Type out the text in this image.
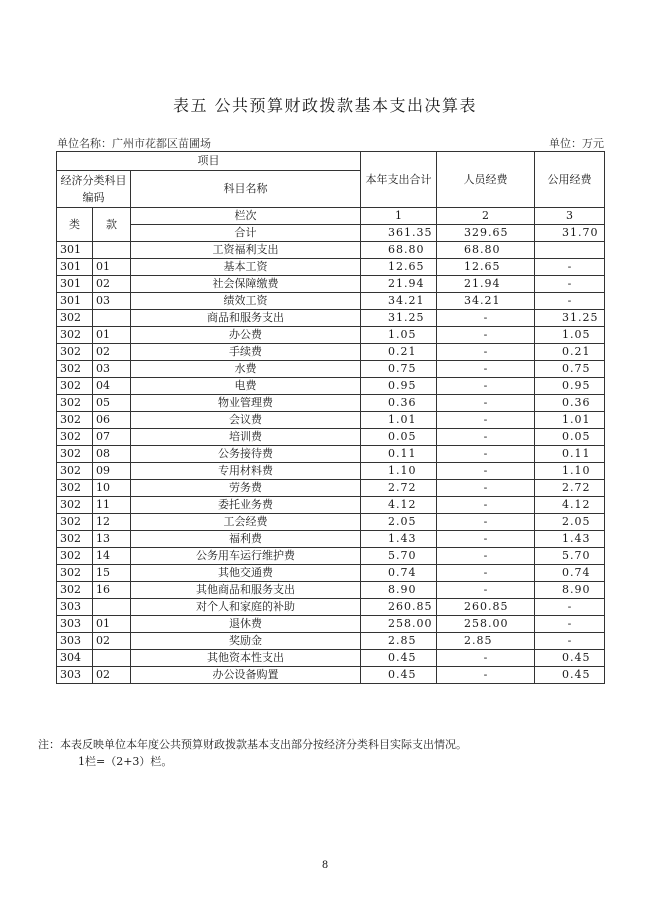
表五 公共预算财政拨款基本支出决算表
单位名称：广州市花都区苗圃场	单位：万元
项目			本年支出合计	人员经费	公用经费
经济分类科目编码		科目名称			

类	款	栏次	1	2	3
		合计	361.35	329.65	31.70
301		工资福利支出	68.80	68.80	
301	01	基本工资	12.65	12.65	-
301	02	社会保障缴费	21.94	21.94	-
301	03	绩效工资	34.21	34.21	-
302		商品和服务支出	31.25	-	31.25
302	01	办公费	1.05	-	1.05
302	02	手续费	0.21	-	0.21
302	03	水费	0.75	-	0.75
302	04	电费	0.95	-	0.95
302	05	物业管理费	0.36	-	0.36
302	06	会议费	1.01	-	1.01
302	07	培训费	0.05	-	0.05
302	08	公务接待费	0.11	-	0.11
302	09	专用材料费	1.10	-	1.10
302	10	劳务费	2.72	-	2.72
302	11	委托业务费	4.12	-	4.12
302	12	工会经费	2.05	-	2.05
302	13	福利费	1.43	-	1.43
302	14	公务用车运行维护费	5.70	-	5.70
302	15	其他交通费	0.74	-	0.74
302	16	其他商品和服务支出	8.90	-	8.90
303		对个人和家庭的补助	260.85	260.85	-
303	01	退休费	258.00	258.00	-
303	02	奖励金	2.85	2.85	-
304		其他资本性支出	0.45	-	0.45
303	02	办公设备购置	0.45	-	0.45
注：本表反映单位本年度公共预算财政拨款基本支出部分按经济分类科目实际支出情况。
1栏=（2+3）栏。
8
